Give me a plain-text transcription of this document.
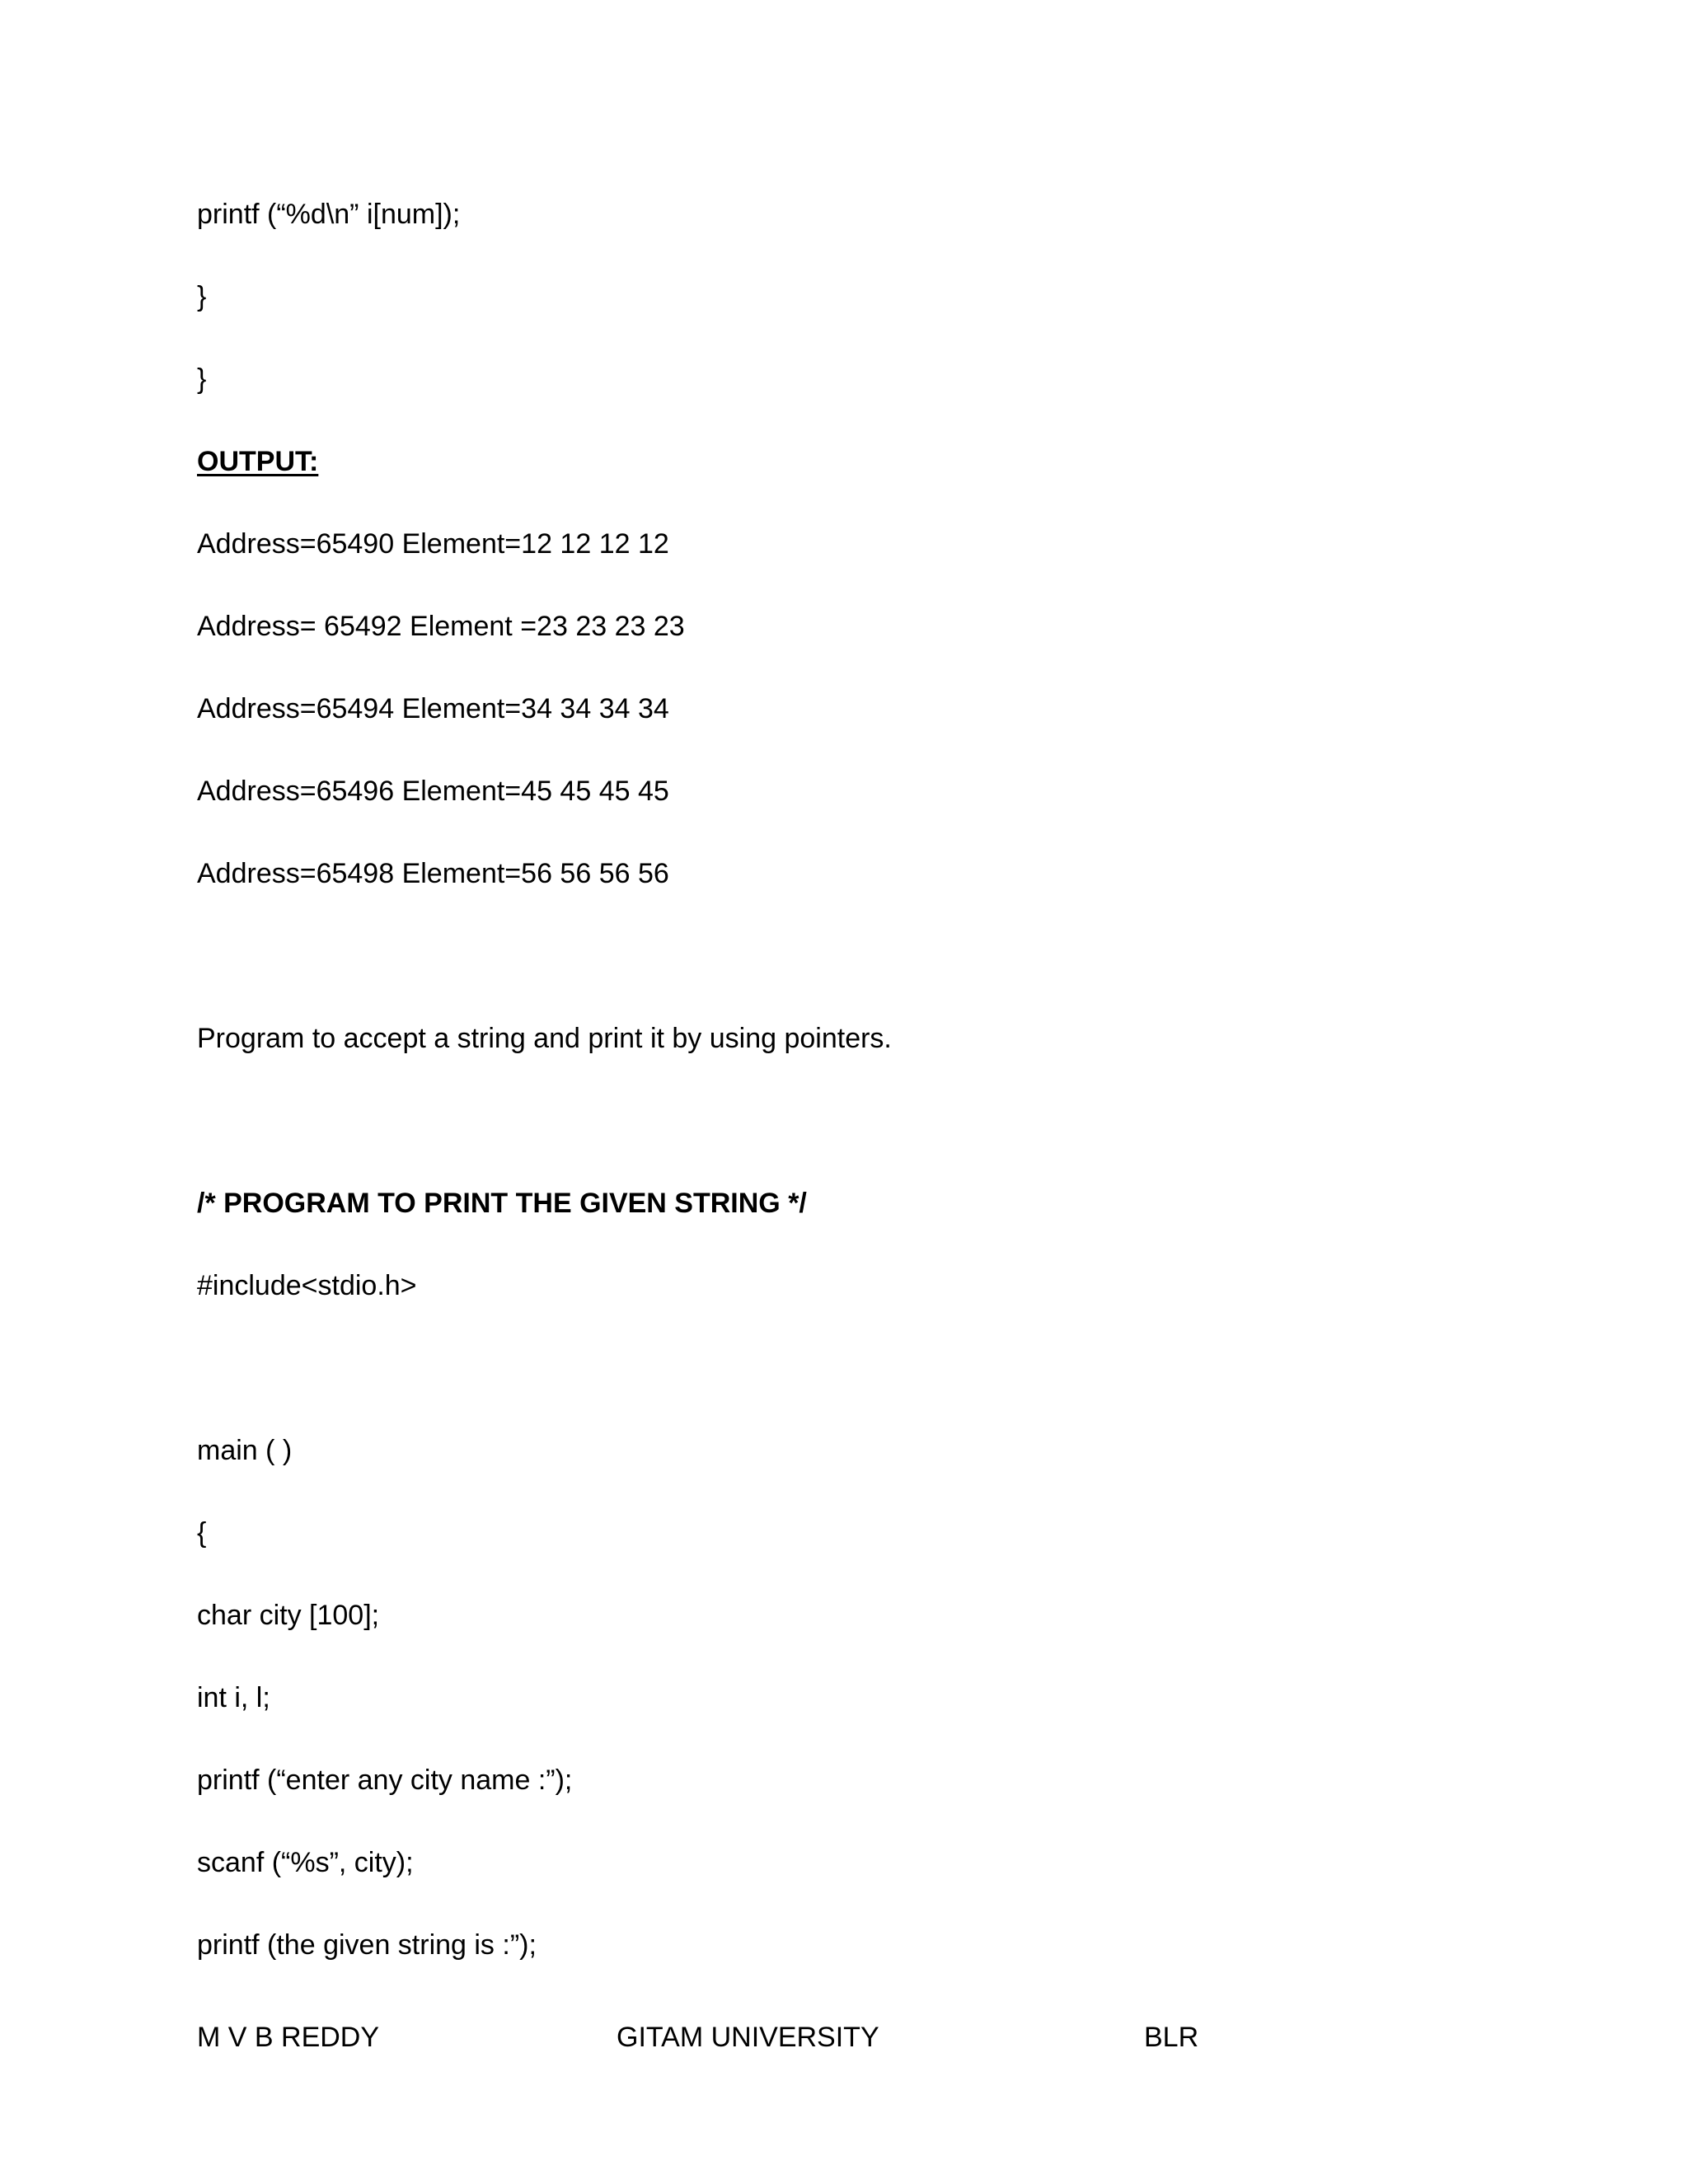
printf (“%d\n” i[num]);
}
}
OUTPUT:
Address=65490 Element=12 12 12 12
Address= 65492 Element =23 23 23 23
Address=65494 Element=34 34 34 34
Address=65496 Element=45 45 45 45
Address=65498 Element=56 56 56 56
Program to accept a string and print it by using pointers.
/* PROGRAM TO PRINT THE GIVEN STRING */
#include<stdio.h>
main ( )
{
char city [100];
int i, l;
printf (“enter any city name :”);
scanf (“%s”, city);
printf (the given string is :”);
M V B REDDY	GITAM UNIVERSITY	BLR
